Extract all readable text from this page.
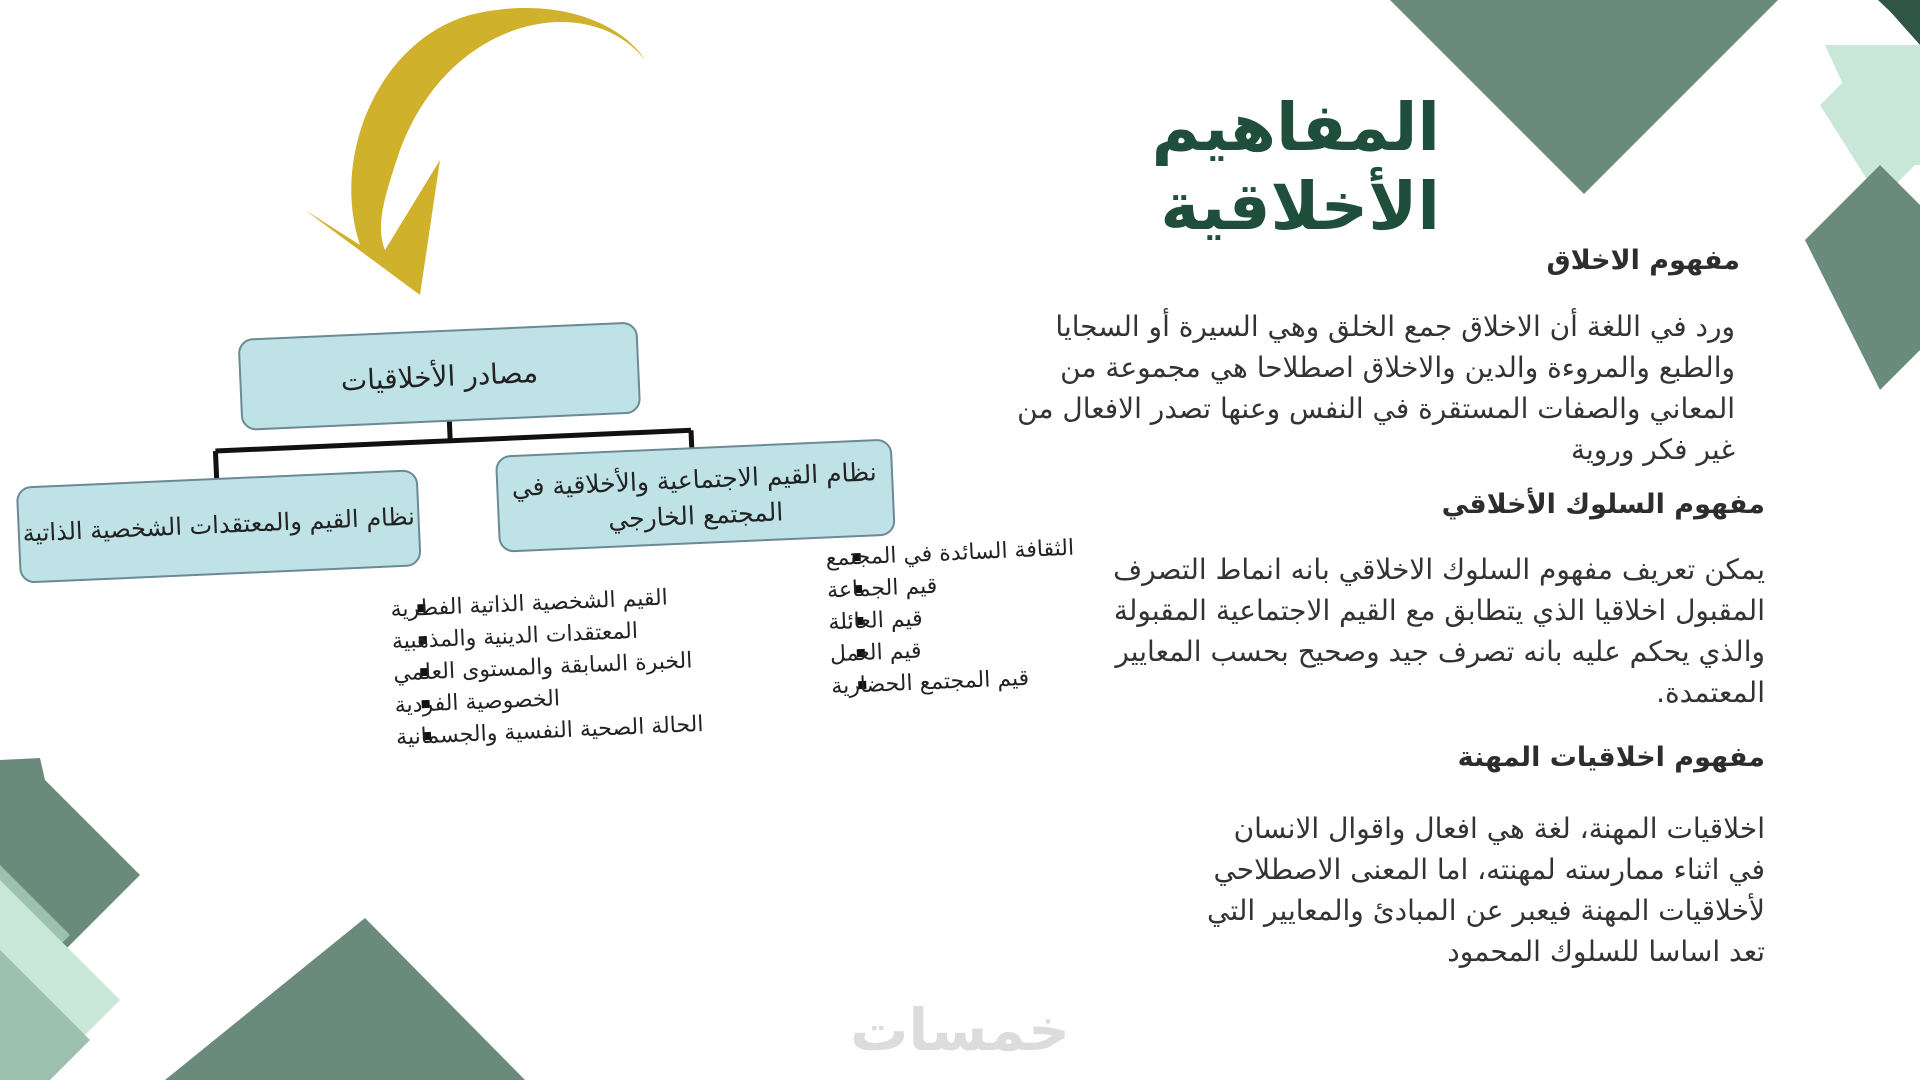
المفاهيم الأخلاقية
مفهوم الاخلاق
ورد في اللغة أن الاخلاق جمع الخلق وهي السيرة أو السجايا
والطبع والمروءة والدين والاخلاق اصطلاحا هي مجموعة من
المعاني والصفات المستقرة في النفس وعنها تصدر الافعال من
غير فكر وروية
مفهوم السلوك الأخلاقي
يمكن تعريف مفهوم السلوك الاخلاقي بانه انماط التصرف
المقبول اخلاقيا الذي يتطابق مع القيم الاجتماعية المقبولة
والذي يحكم عليه بانه تصرف جيد وصحيح بحسب المعايير
المعتمدة.
مفهوم اخلاقيات المهنة
اخلاقيات المهنة، لغة هي افعال واقوال الانسان
في اثناء ممارسته لمهنته، اما المعنى الاصطلاحي
لأخلاقيات المهنة فيعبر عن المبادئ والمعايير التي
تعد اساسا للسلوك المحمود
مصادر الأخلاقيات
نظام القيم الاجتماعية والأخلاقية في
المجتمع الخارجي
نظام القيم والمعتقدات الشخصية الذاتية
الثقافة السائدة في المجتمع
قيم الجماعة
قيم العائلة
قيم العمل
قيم المجتمع الحضارية
القيم الشخصية الذاتية الفطرية
المعتقدات الدينية والمذهبية
الخبرة السابقة والمستوى العلمي
الخصوصية الفردية
الحالة الصحية النفسية والجسمانية
خمسات
